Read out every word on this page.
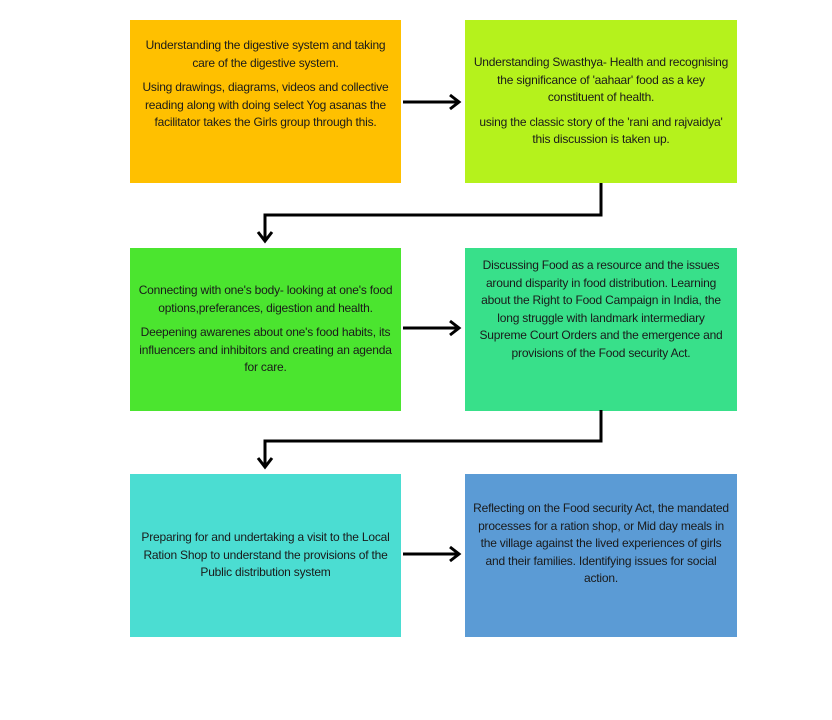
Understanding the digestive system and taking care of the digestive system.

Using drawings, diagrams, videos and collective reading along with doing select Yog asanas the facilitator takes the Girls group through this.

Understanding Swasthya- Health and recognising the significance of 'aahaar' food as a key constituent of health.

using the classic story of the 'rani and rajvaidya' this discussion is taken up.

Connecting with one's body- looking at one's food options,preferances, digestion and health.

Deepening awarenes about one's food habits, its influencers and inhibitors and creating an agenda for care.

Discussing Food as a resource and the issues around disparity in food distribution. Learning about the Right to Food Campaign in India, the long struggle with landmark intermediary Supreme Court Orders and the emergence and provisions of the Food security Act.

Preparing for and undertaking a visit to the Local Ration Shop to understand the provisions of the Public distribution system

Reflecting on the Food security Act, the mandated processes for a ration shop, or Mid day meals in the village against the lived experiences of girls and their families. Identifying issues for social action.
